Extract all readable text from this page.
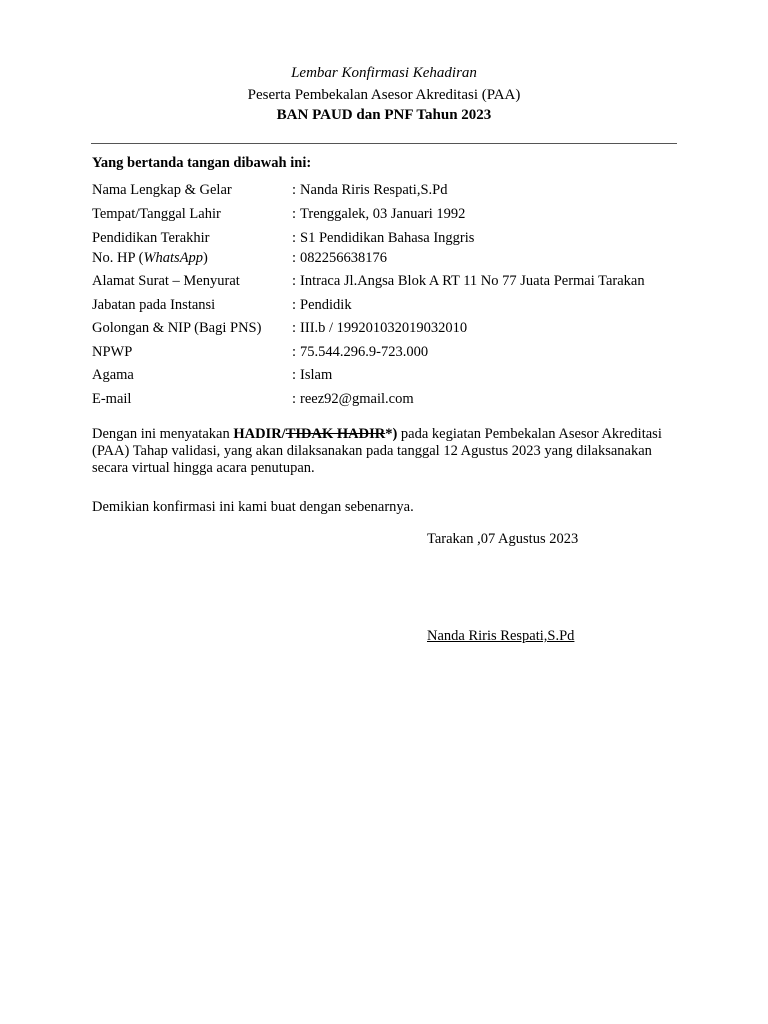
Lembar Konfirmasi Kehadiran
Peserta Pembekalan Asesor Akreditasi (PAA)
BAN PAUD dan PNF Tahun 2023
Yang bertanda tangan dibawah ini:
Nama Lengkap & Gelar	: Nanda Riris Respati,S.Pd
Tempat/Tanggal Lahir	: Trenggalek, 03 Januari 1992
Pendidikan Terakhir	: S1 Pendidikan Bahasa Inggris
No. HP (WhatsApp)	: 082256638176
Alamat Surat – Menyurat	: Intraca Jl.Angsa Blok A RT 11 No 77 Juata Permai Tarakan
Jabatan pada Instansi	: Pendidik
Golongan & NIP (Bagi PNS) : III.b / 199201032019032010
NPWP	: 75.544.296.9-723.000
Agama	: Islam
E-mail	: reez92@gmail.com
Dengan ini menyatakan HADIR/TIDAK HADIR*) pada kegiatan Pembekalan Asesor Akreditasi (PAA) Tahap validasi, yang akan dilaksanakan pada tanggal 12 Agustus 2023 yang dilaksanakan secara virtual hingga acara penutupan.
Demikian konfirmasi ini kami buat dengan sebenarnya.
Tarakan ,07 Agustus 2023
Nanda Riris Respati,S.Pd
